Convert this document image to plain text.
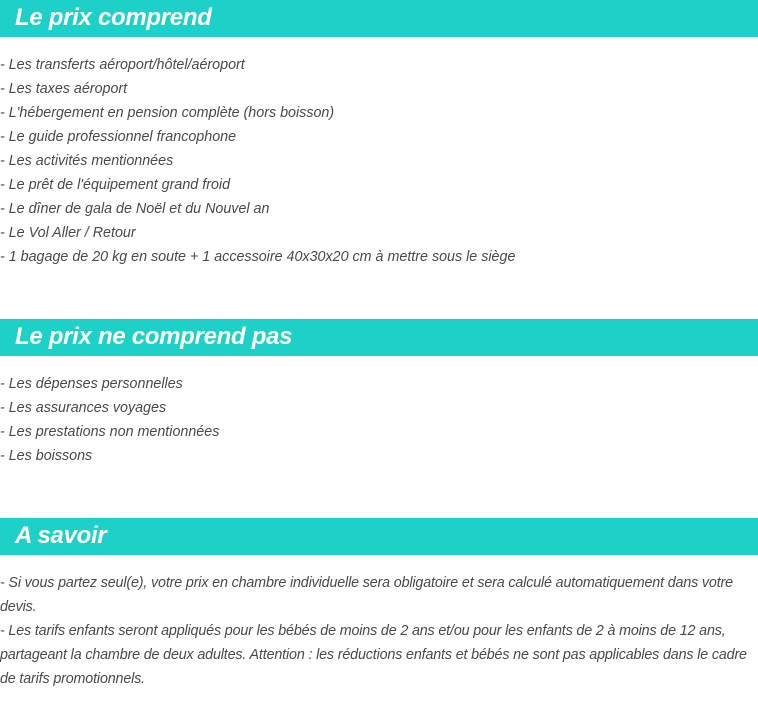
Le prix comprend
- Les transferts aéroport/hôtel/aéroport
- Les taxes aéroport
- L'hébergement en pension complète (hors boisson)
- Le guide professionnel francophone
- Les activités mentionnées
- Le prêt de l'équipement grand froid
- Le dîner de gala de Noël et du Nouvel an
- Le Vol Aller / Retour
- 1 bagage de 20 kg en soute + 1 accessoire 40x30x20 cm à mettre sous le siège
Le prix ne comprend pas
- Les dépenses personnelles
- Les assurances voyages
- Les prestations non mentionnées
- Les boissons
A savoir

- Si vous partez seul(e), votre prix en chambre individuelle sera obligatoire et sera calculé automatiquement dans votre devis.

- Les tarifs enfants seront appliqués pour les bébés de moins de 2 ans et/ou pour les enfants de 2 à moins de 12 ans, partageant la chambre de deux adultes. Attention : les réductions enfants et bébés ne sont pas applicables dans le cadre de tarifs promotionnels.
